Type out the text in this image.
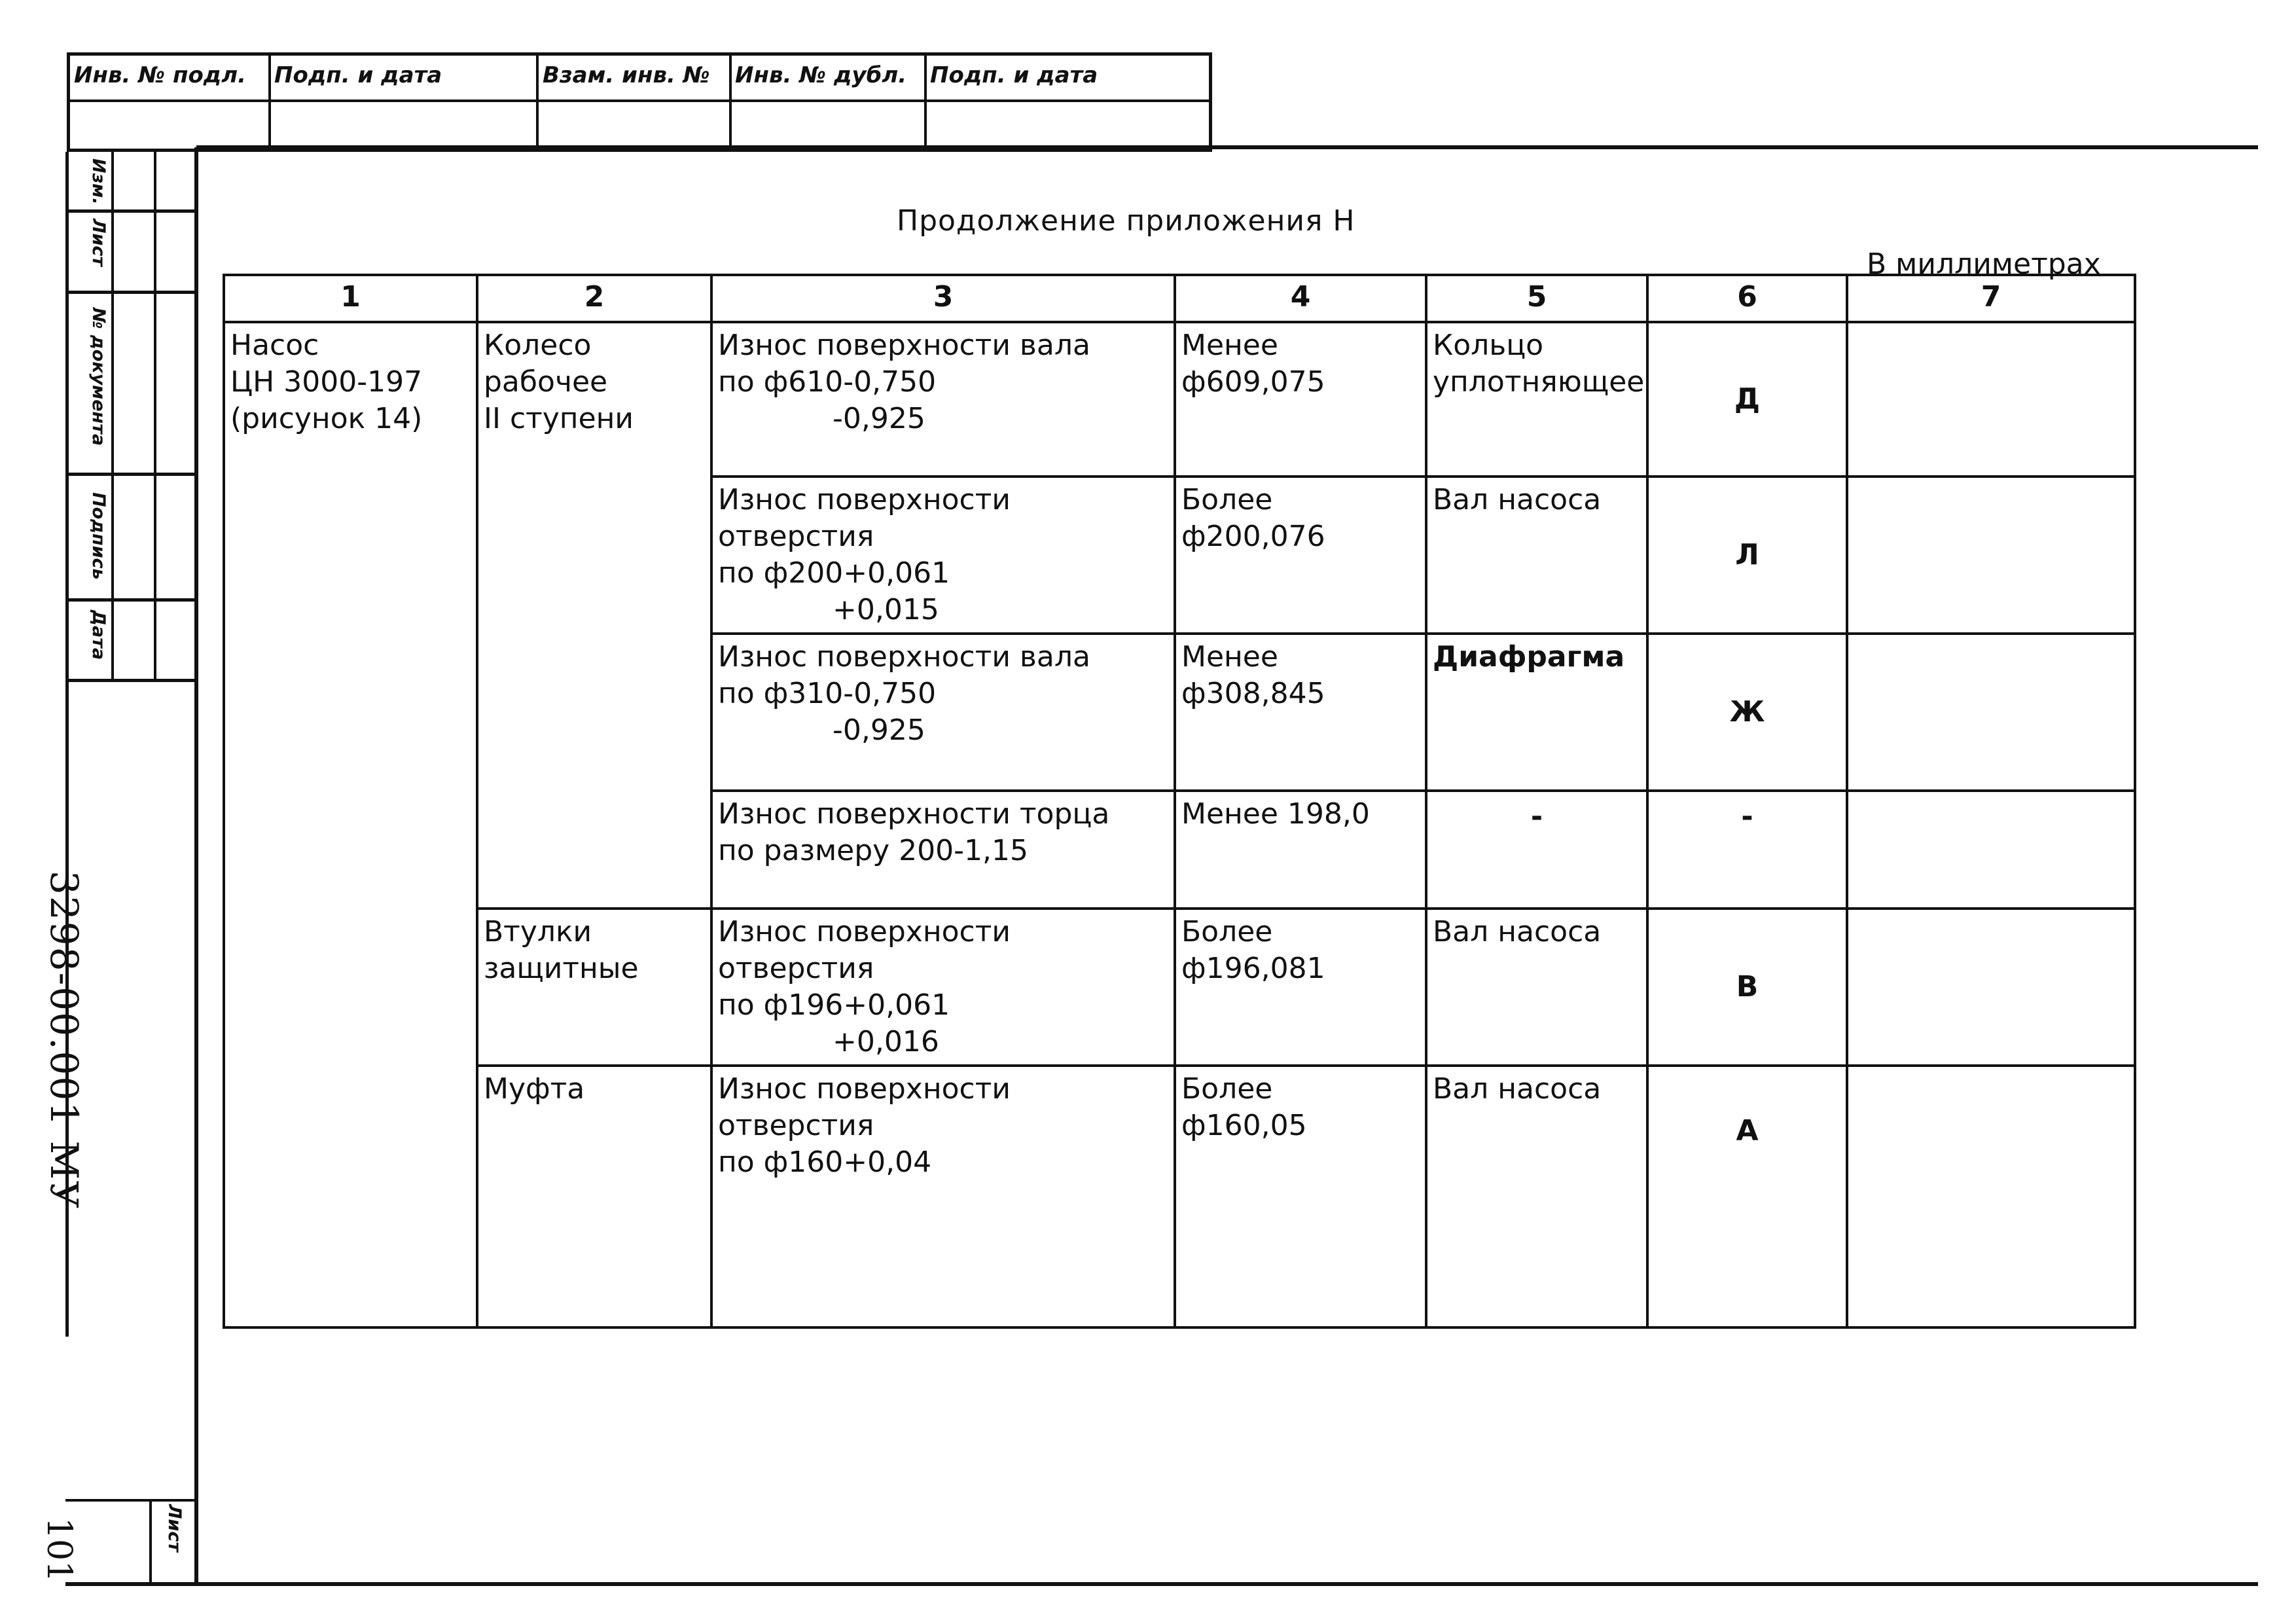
Инв. № подл. Подп. и дата	Взам. инв. № Инв. № дубл. Подп. и дата
Изм.
Лист
№ документа
Подпись
Дата
3298-00.001 МУ
Лист
101
Продолжение приложения Н
В миллиметрах
1	2	3	4	5	6	7

Насос
ЦН 3000-197
(рисунок 14)	Колесо
рабочее
II ступени	Износ поверхности вала
по ф610-0,750
-0,925	Менее
ф609,075	Кольцо
уплотняющее	Д	

		Износ поверхности отверстия
по ф200+0,061
+0,015	Более
ф200,076	Вал насоса	Л	

		Износ поверхности вала
по ф310-0,750
-0,925	Менее
ф308,845	Диафрагма	Ж	

		Износ поверхности торца
по размеру 200-1,15	Менее 198,0	-	-	

	Втулки
защитные	Износ поверхности отверстия
по ф196+0,061
+0,016	Более
ф196,081	Вал насоса	В	

	Муфта	Износ поверхности отверстия
по ф160+0,04	Более
ф160,05	Вал насоса	А	
